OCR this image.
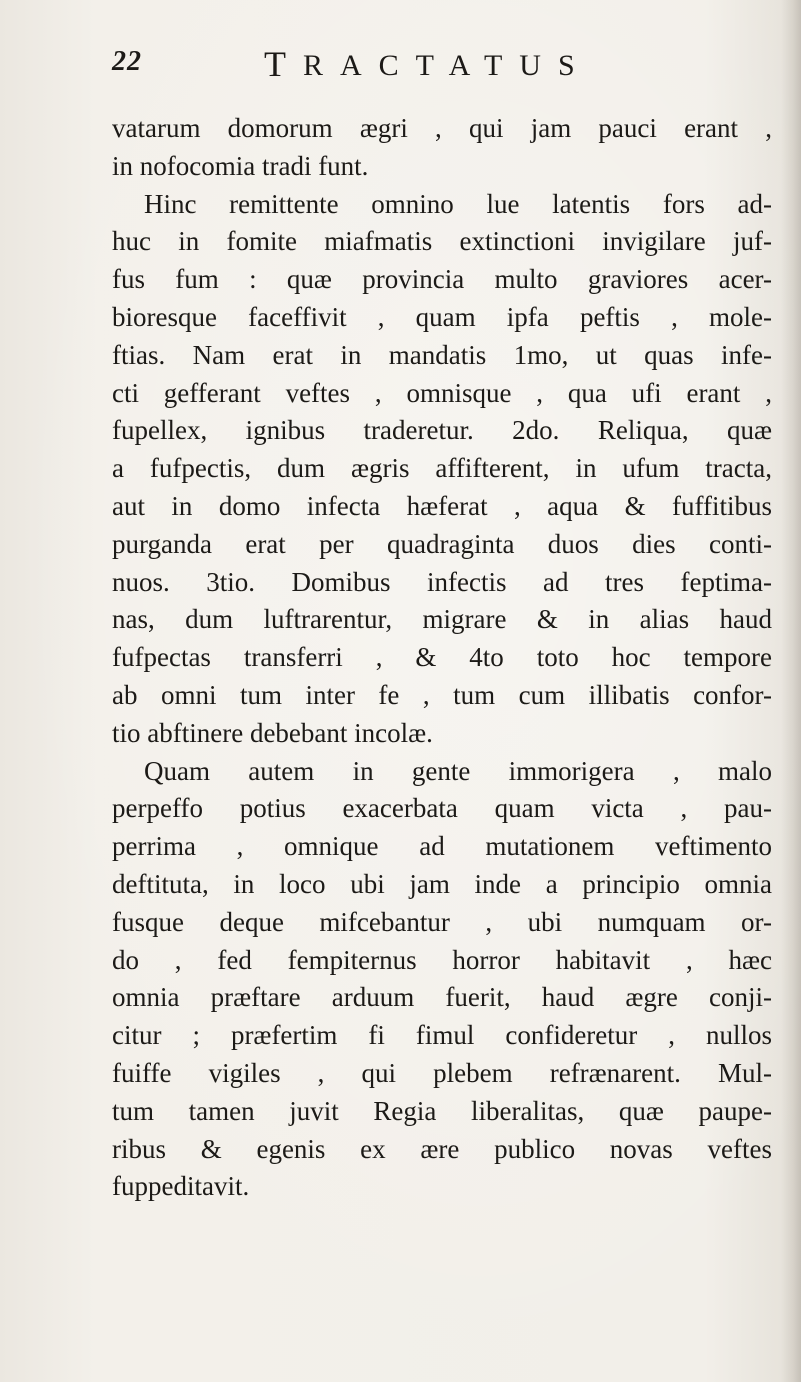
22	TRACTATUS
vatarum domorum ægri , qui jam pauci erant ,
in nofocomia tradi funt.
Hinc remittente omnino lue latentis fors ad-
huc in fomite miafmatis extinctioni invigilare juf-
fus fum : quæ provincia multo graviores acer-
bioresque faceffivit , quam ipfa peftis , mole-
ftias. Nam erat in mandatis 1mo, ut quas infe-
cti gefferant veftes , omnisque , qua ufi erant ,
fupellex, ignibus traderetur. 2do. Reliqua, quæ
a fufpectis, dum ægris affifterent, in ufum tracta,
aut in domo infecta hæferat , aqua & fuffitibus
purganda erat per quadraginta duos dies conti-
nuos. 3tio. Domibus infectis ad tres feptima-
nas, dum luftrarentur, migrare & in alias haud
fufpectas transferri , & 4to toto hoc tempore
ab omni tum inter fe , tum cum illibatis confor-
tio abftinere debebant incolæ.
Quam autem in gente immorigera , malo
perpeffo potius exacerbata quam victa , pau-
perrima , omnique ad mutationem veftimento
deftituta, in loco ubi jam inde a principio omnia
fusque deque mifcebantur , ubi numquam or-
do , fed fempiternus horror habitavit , hæc
omnia præftare arduum fuerit, haud ægre conji-
citur ; præfertim fi fimul confideretur , nullos
fuiffe vigiles , qui plebem refrænarent. Mul-
tum tamen juvit Regia liberalitas, quæ paupe-
ribus & egenis ex ære publico novas veftes
fuppeditavit.
